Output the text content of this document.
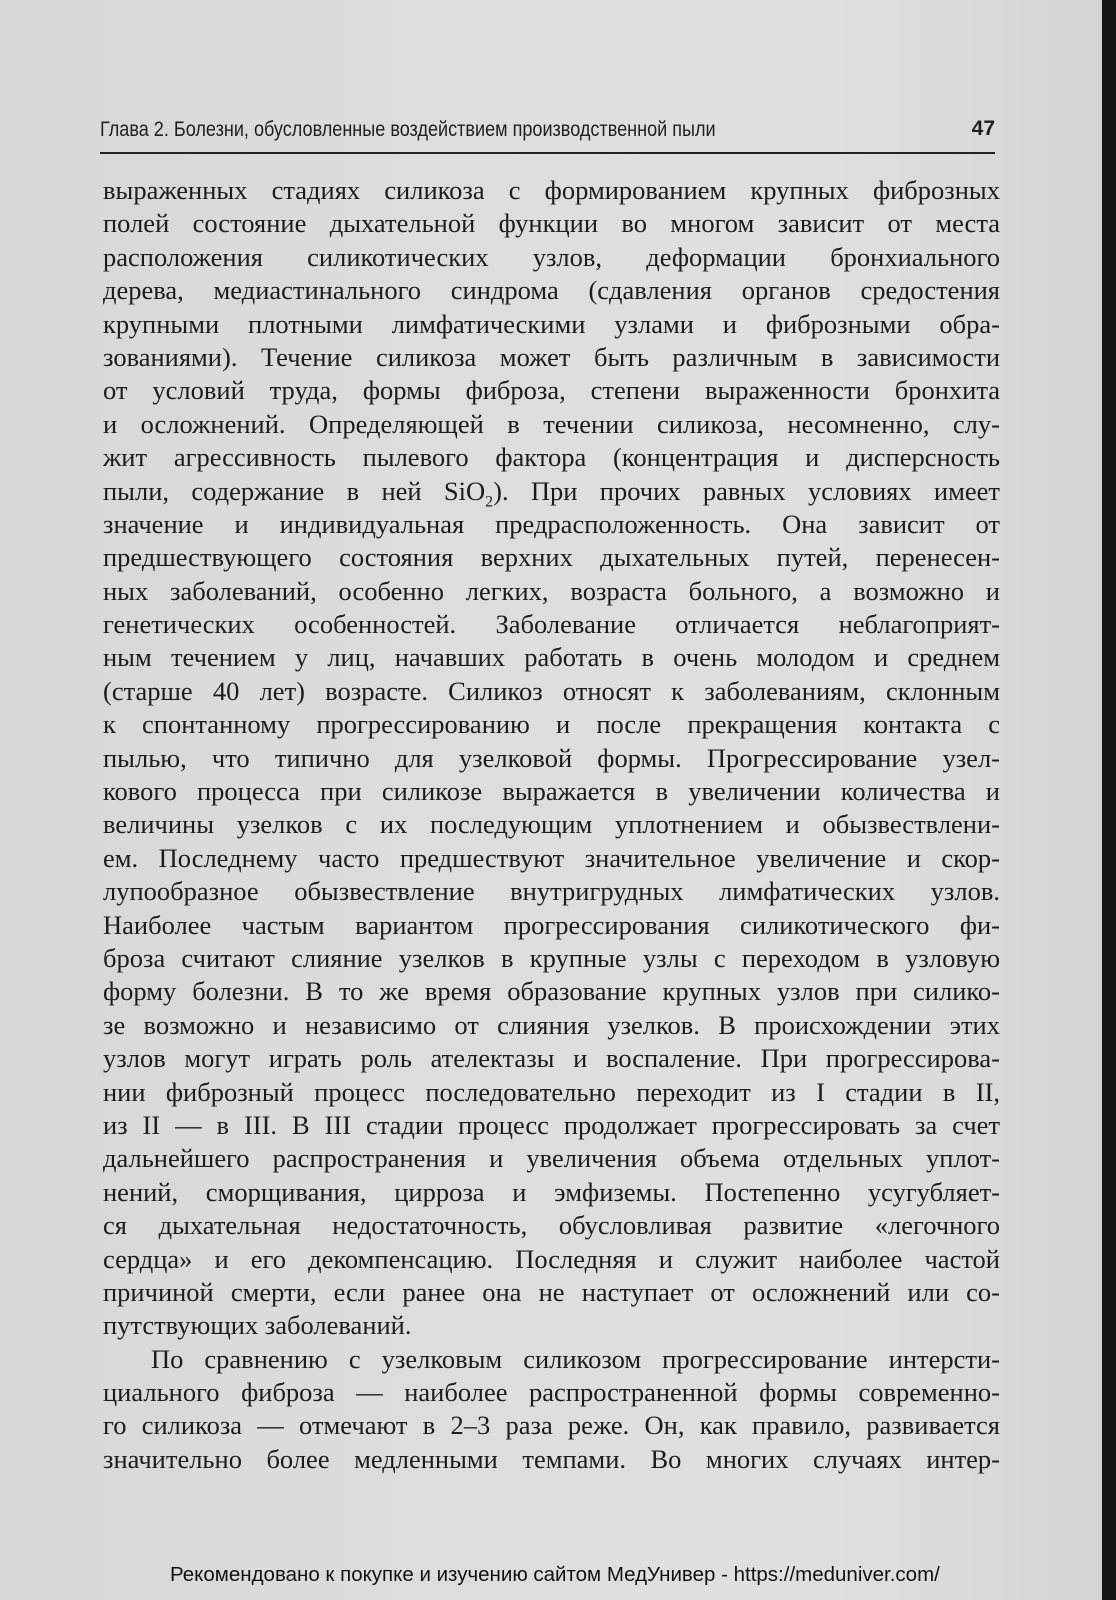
Глава 2. Болезни, обусловленные воздействием производственной пыли	47
выраженных стадиях силикоза с формированием крупных фиброзных
полей состояние дыхательной функции во многом зависит от места
расположения силикотических узлов, деформации бронхиального
дерева, медиастинального синдрома (сдавления органов средостения
крупными плотными лимфатическими узлами и фиброзными обра-
зованиями). Течение силикоза может быть различным в зависимости
от условий труда, формы фиброза, степени выраженности бронхита
и осложнений. Определяющей в течении силикоза, несомненно, слу-
жит агрессивность пылевого фактора (концентрация и дисперсность
пыли, содержание в ней SiO$_2$). При прочих равных условиях имеет
значение и индивидуальная предрасположенность. Она зависит от
предшествующего состояния верхних дыхательных путей, перенесен-
ных заболеваний, особенно легких, возраста больного, а возможно и
генетических особенностей. Заболевание отличается неблагоприят-
ным течением у лиц, начавших работать в очень молодом и среднем
(старше 40 лет) возрасте. Силикоз относят к заболеваниям, склонным
к спонтанному прогрессированию и после прекращения контакта с
пылью, что типично для узелковой формы. Прогрессирование узел-
кового процесса при силикозе выражается в увеличении количества и
величины узелков с их последующим уплотнением и обызвествлени-
ем. Последнему часто предшествуют значительное увеличение и скор-
лупообразное обызвествление внутригрудных лимфатических узлов.
Наиболее частым вариантом прогрессирования силикотического фи-
броза считают слияние узелков в крупные узлы с переходом в узловую
форму болезни. В то же время образование крупных узлов при силико-
зе возможно и независимо от слияния узелков. В происхождении этих
узлов могут играть роль ателектазы и воспаление. При прогрессирова-
нии фиброзный процесс последовательно переходит из I стадии в II,
из II — в III. В III стадии процесс продолжает прогрессировать за счет
дальнейшего распространения и увеличения объема отдельных уплот-
нений, сморщивания, цирроза и эмфиземы. Постепенно усугубляет-
ся дыхательная недостаточность, обусловливая развитие «легочного
сердца» и его декомпенсацию. Последняя и служит наиболее частой
причиной смерти, если ранее она не наступает от осложнений или со-
путствующих заболеваний.
По сравнению с узелковым силикозом прогрессирование интерсти-
циального фиброза — наиболее распространенной формы современно-
го силикоза — отмечают в 2–3 раза реже. Он, как правило, развивается
значительно более медленными темпами. Во многих случаях интер-
Рекомендовано к покупке и изучению сайтом МедУнивер - https://meduniver.com/
